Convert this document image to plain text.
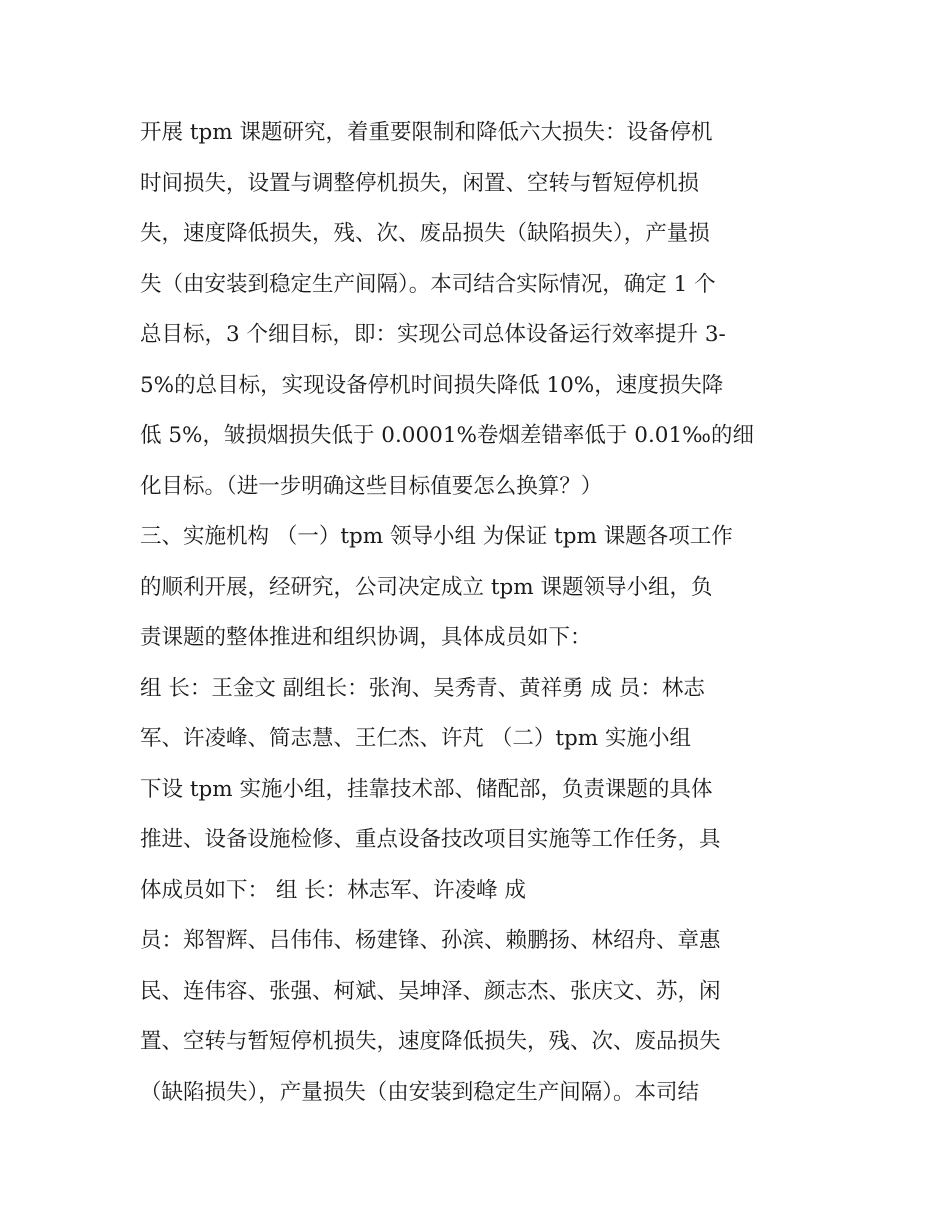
开展 tpm 课题研究，着重要限制和降低六大损失：设备停机
时间损失，设置与调整停机损失，闲置、空转与暂短停机损
失，速度降低损失，残、次、废品损失（缺陷损失），产量损
失（由安装到稳定生产间隔）。本司结合实际情况，确定 1 个
总目标，3 个细目标，即：实现公司总体设备运行效率提升 3-
5%的总目标，实现设备停机时间损失降低 10%，速度损失降
低 5%，皱损烟损失低于 0.0001%卷烟差错率低于 0.01‰的细
化目标。（进一步明确这些目标值要怎么换算？）
三、实施机构 （一）tpm 领导小组 为保证 tpm 课题各项工作
的顺利开展，经研究，公司决定成立 tpm 课题领导小组，负
责课题的整体推进和组织协调，具体成员如下：
组 长：王金文 副组长：张洵、吴秀青、黄祥勇 成 员：林志
军、许凌峰、简志慧、王仁杰、许芃 （二）tpm 实施小组
下设 tpm 实施小组，挂靠技术部、储配部，负责课题的具体
推进、设备设施检修、重点设备技改项目实施等工作任务，具
体成员如下： 组 长：林志军、许凌峰 成
员：郑智辉、吕伟伟、杨建锋、孙滨、赖鹏扬、林绍舟、章惠
民、连伟容、张强、柯斌、吴坤泽、颜志杰、张庆文、苏，闲
置、空转与暂短停机损失，速度降低损失，残、次、废品损失
（缺陷损失），产量损失（由安装到稳定生产间隔）。本司结
